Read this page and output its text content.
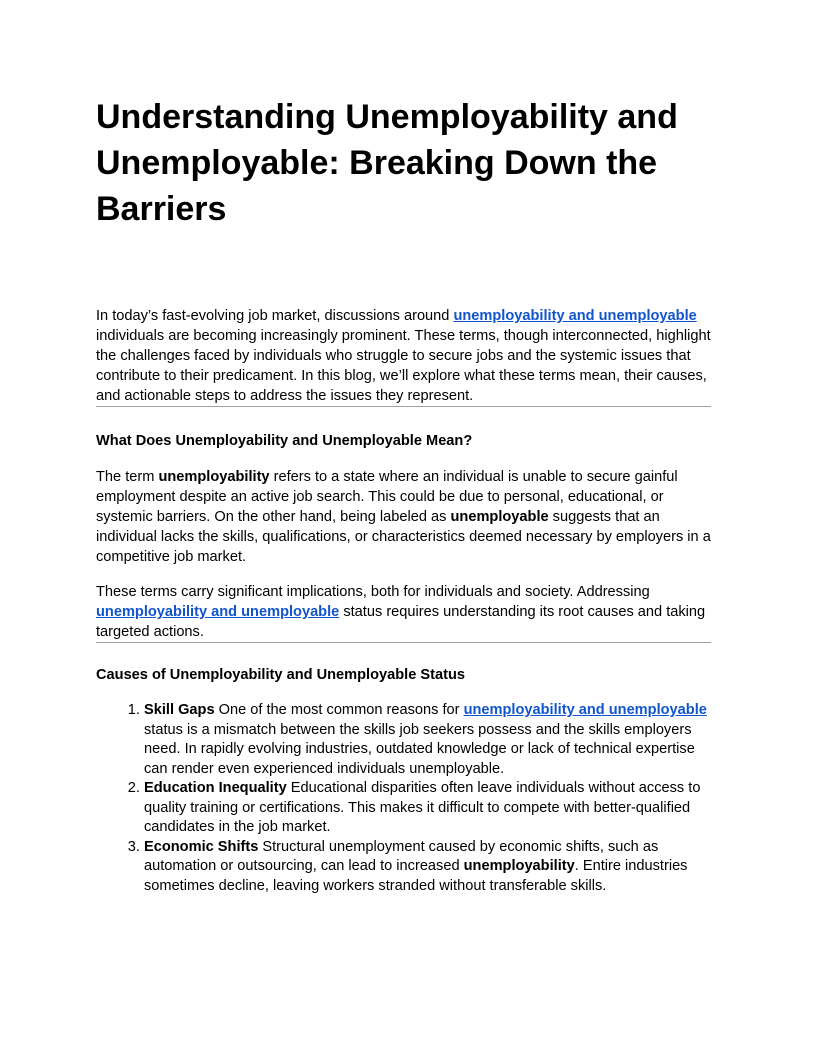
Understanding Unemployability and Unemployable: Breaking Down the Barriers

In today’s fast-evolving job market, discussions around unemployability and unemployable individuals are becoming increasingly prominent. These terms, though interconnected, highlight the challenges faced by individuals who struggle to secure jobs and the systemic issues that contribute to their predicament. In this blog, we’ll explore what these terms mean, their causes, and actionable steps to address the issues they represent.

What Does Unemployability and Unemployable Mean?

The term unemployability refers to a state where an individual is unable to secure gainful employment despite an active job search. This could be due to personal, educational, or systemic barriers. On the other hand, being labeled as unemployable suggests that an individual lacks the skills, qualifications, or characteristics deemed necessary by employers in a competitive job market.

These terms carry significant implications, both for individuals and society. Addressing unemployability and unemployable status requires understanding its root causes and taking targeted actions.

Causes of Unemployability and Unemployable Status
1. Skill Gaps One of the most common reasons for unemployability and unemployable status is a mismatch between the skills job seekers possess and the skills employers need. In rapidly evolving industries, outdated knowledge or lack of technical expertise can render even experienced individuals unemployable.
2. Education Inequality Educational disparities often leave individuals without access to quality training or certifications. This makes it difficult to compete with better-qualified candidates in the job market.
3. Economic Shifts Structural unemployment caused by economic shifts, such as automation or outsourcing, can lead to increased unemployability. Entire industries sometimes decline, leaving workers stranded without transferable skills.
